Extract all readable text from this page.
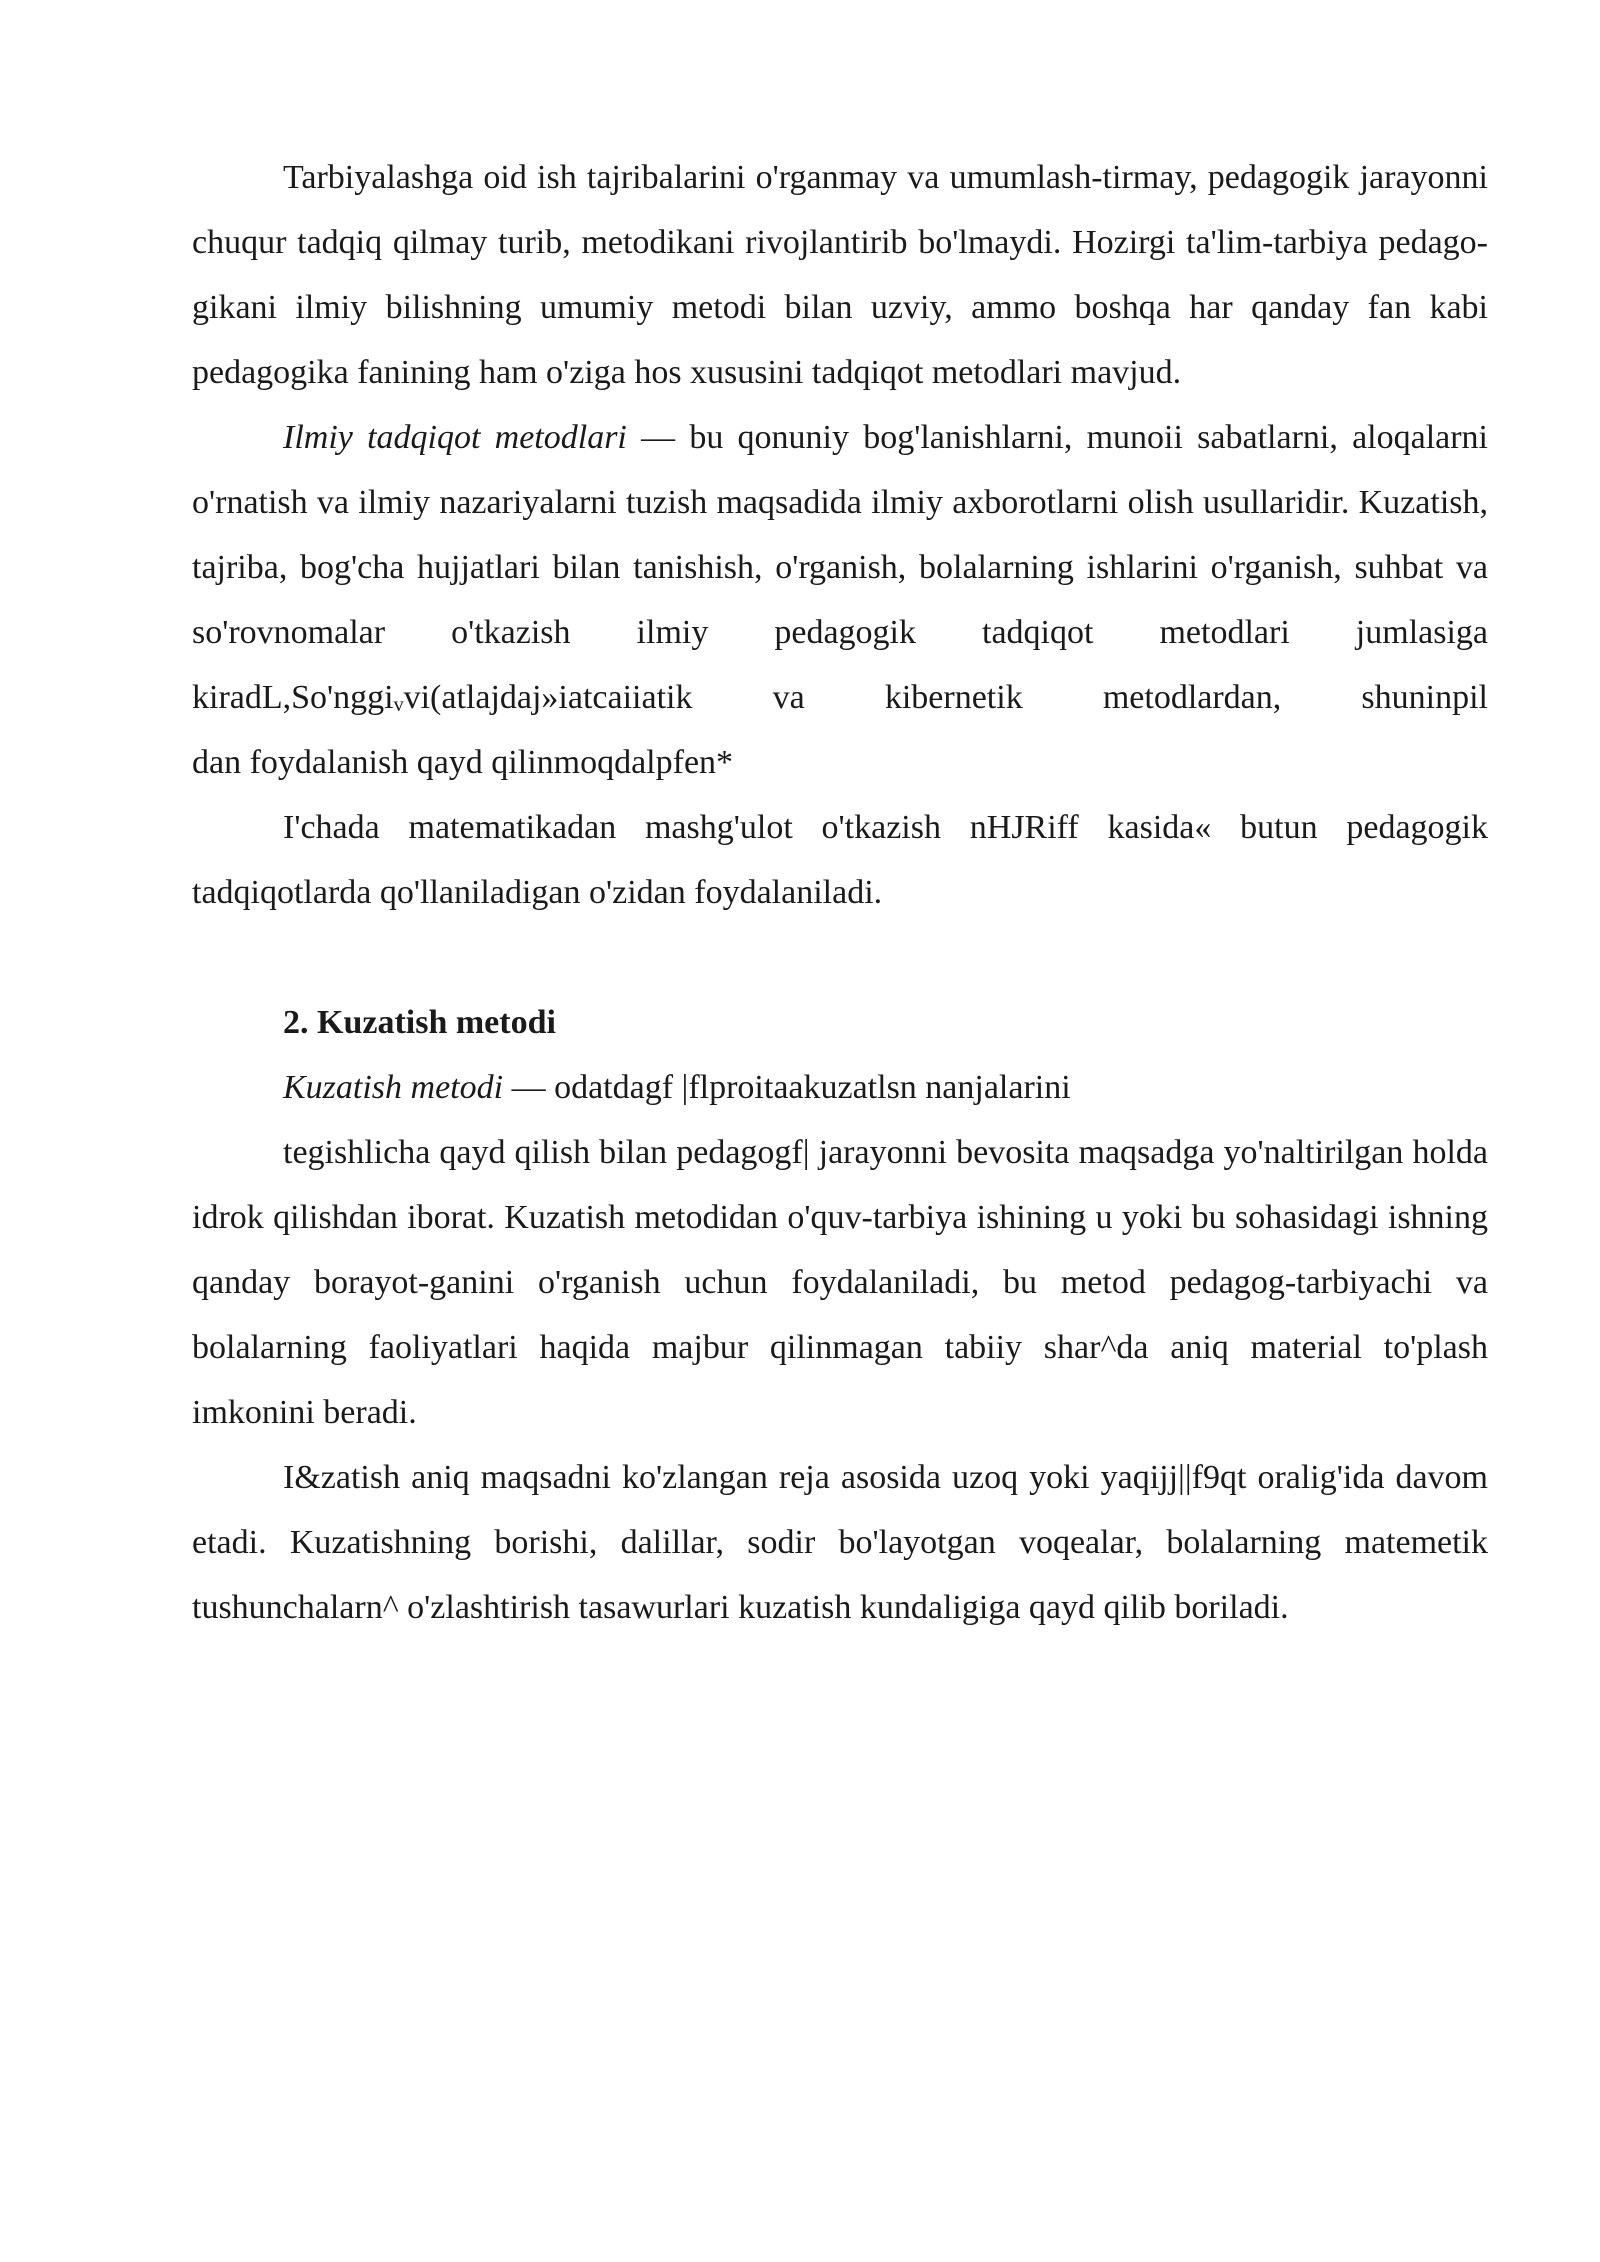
Tarbiyalashga oid ish tajribalarini o'rganmay va umumlash-tirmay, pedagogik jarayonni chuqur tadqiq qilmay turib, metodikani rivojlantirib bo'lmaydi. Hozirgi ta'lim-tarbiya pedago-gikani ilmiy bilishning umumiy metodi bilan uzviy, ammo boshqa har qanday fan kabi pedagogika fanining ham o'ziga hos xususini tadqiqot metodlari mavjud.

Ilmiy tadqiqot metodlari — bu qonuniy bog'lanishlarni, munoii sabatlarni, aloqalarni o'rnatish va ilmiy nazariyalarni tuzish maqsadida ilmiy axborotlarni olish usullaridir. Kuzatish, tajriba, bog'cha hujjatlari bilan tanishish, o'rganish, bolalarning ishlarini o'rganish, suhbat va so'rovnomalar o'tkazish ilmiy pedagogik tadqiqot metodlari jumlasiga kiradL,So'nggiᵥvi(atlajdaj»iatcaiiatik va kibernetik metodlardan, shuninpil

dan foydalanish qayd qilinmoqdalpfen*

I'chada matematikadan mashg'ulot o'tkazish nHJRiff kasida« butun pedagogik tadqiqotlarda qo'llaniladigan o'zidan foydalaniladi.

2. Kuzatish metodi

Kuzatish metodi — odatdagf |flproitaakuzatlsn nanjalarini

tegishlicha qayd qilish bilan pedagogf| jarayonni bevosita maqsadga yo'naltirilgan holda idrok qilishdan iborat. Kuzatish metodidan o'quv-tarbiya ishining u yoki bu sohasidagi ishning qanday borayot-ganini o'rganish uchun foydalaniladi, bu metod pedagog-tarbiyachi va bolalarning faoliyatlari haqida majbur qilinmagan tabiiy shar^da aniq material to'plash imkonini beradi.

I&zatish aniq maqsadni ko'zlangan reja asosida uzoq yoki yaqijj||f9qt oralig'ida davom etadi. Kuzatishning borishi, dalillar, sodir bo'layotgan voqealar, bolalarning matemetik tushunchalarn^ o'zlashtirish tasawurlari kuzatish kundaligiga qayd qilib boriladi.
